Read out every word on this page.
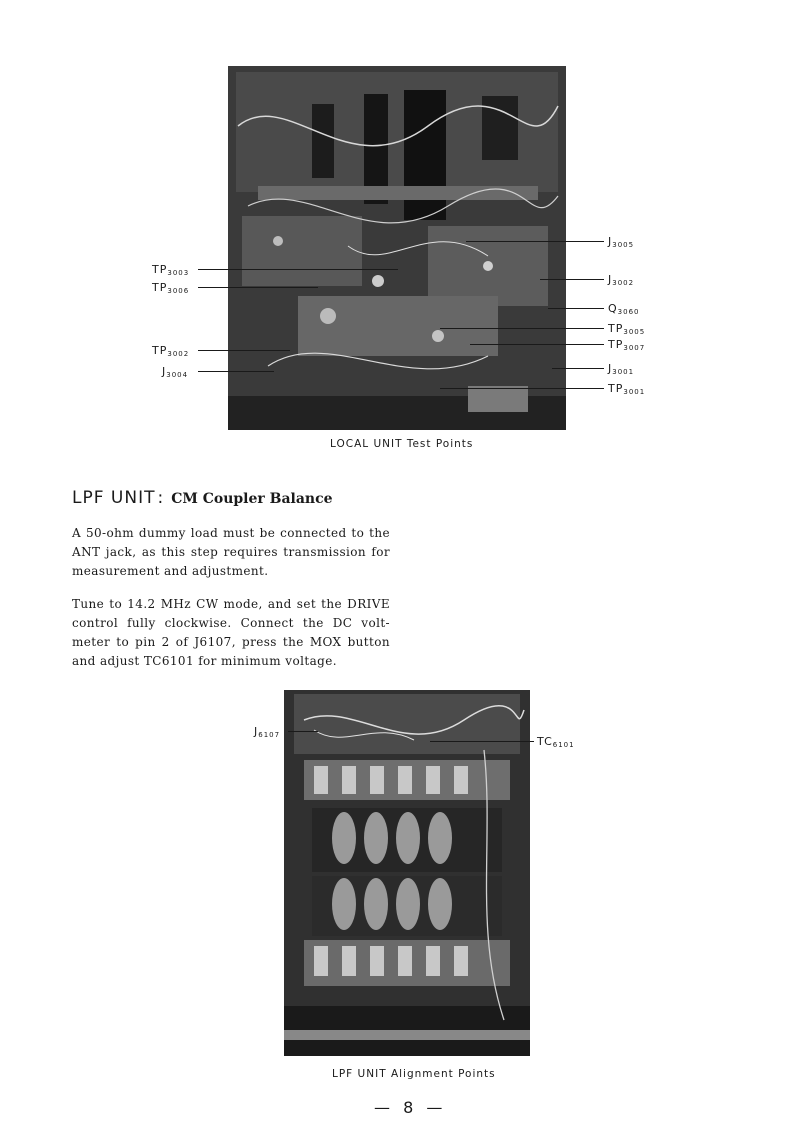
$J_{3005}$
$J_{3002}$
$Q_{3060}$
$TP_{3005}$
$TP_{3007}$
$J_{3001}$
$TP_{3001}$
$TP_{3003}$
$TP_{3006}$
$TP_{3002}$
$J_{3004}$
LOCAL UNIT Test Points
LPF UNIT : CM Coupler Balance

A 50-ohm dummy load must be connected to the ANT jack, as this step requires transmission for measurement and adjustment.

Tune to 14.2 MHz CW mode, and set the DRIVE control fully clockwise. Connect the DC volt-meter to pin 2 of J6107, press the MOX button and adjust TC6101 for minimum voltage.

$J_{6107}$	$TC_{6101}$
LPF UNIT Alignment Points
— 8 —
